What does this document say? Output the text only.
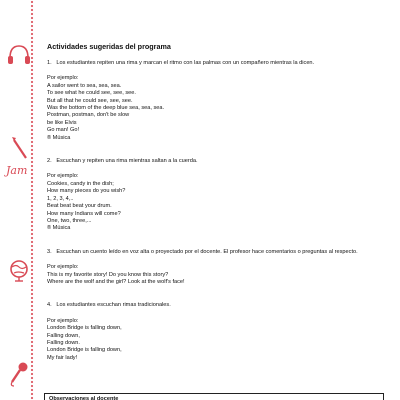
Jam
Actividades sugeridas del programa
1. Los estudiantes repiten una rima y marcan el ritmo con las palmas con un compañero mientras la dicen.
Por ejemplo:
A sailor went to sea, sea, sea.
To see what he could see, see, see.
But all that he could see, see, see.
Was the bottom of the deep blue sea, sea, sea.
Postman, postman, don't be slow
be like Elvis
Go man! Go!
® Música
2. Escuchan y repiten una rima mientras saltan a la cuerda.
Por ejemplo:
Cookies, candy in the dish;
How many pieces do you wish?
1, 2, 3, 4,..
Beat beat beat your drum.
How many Indians will come?
One, two, three,...
® Música
3. Escuchan un cuento leído en voz alta o proyectado por el docente. El profesor hace comentarios o preguntas al respecto.
Por ejemplo:
This is my favorite story! Do you know this story?
Where are the wolf and the girl? Look at the wolf's face!
4. Los estudiantes escuchan rimas tradicionales.
Por ejemplo:
London Bridge is falling down,
Falling down,
Falling down.
London Bridge is falling down,
My fair lady!
Observaciones al docente
